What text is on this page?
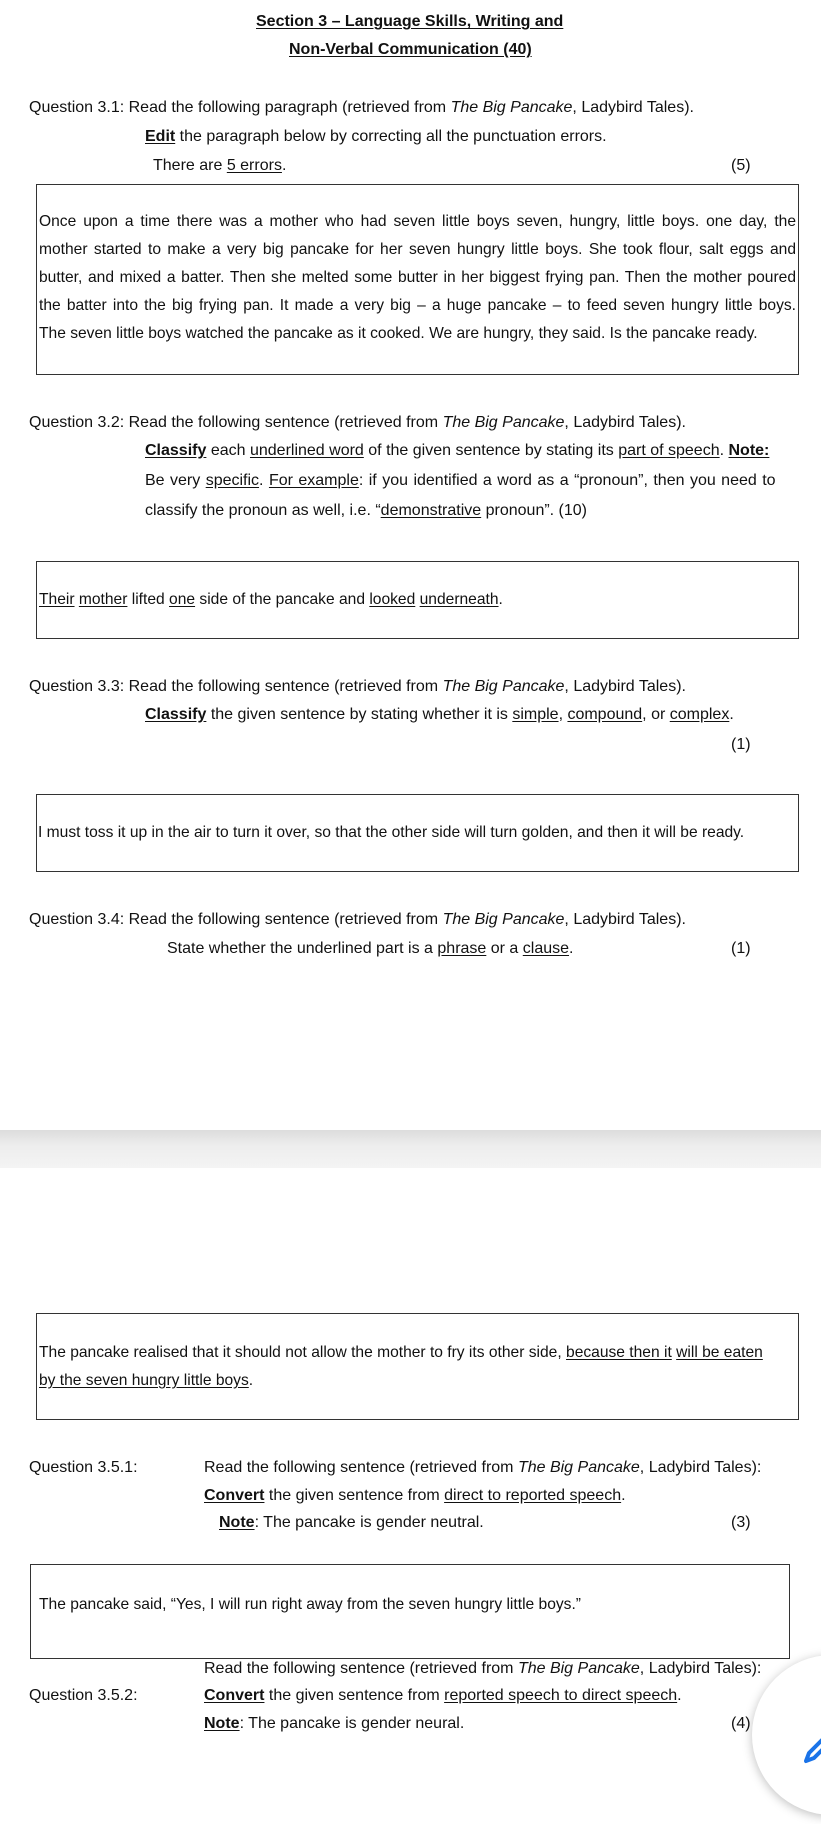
Section 3 – Language Skills, Writing and
Non-Verbal Communication (40)
Question 3.1: Read the following paragraph (retrieved from The Big Pancake, Ladybird Tales).
Edit the paragraph below by correcting all the punctuation errors.
There are 5 errors.	(5)
Once upon a time there was a mother who had seven little boys seven, hungry, little boys. one day, the
mother started to make a very big pancake for her seven hungry little boys. She took flour, salt eggs and
butter, and mixed a batter. Then she melted some butter in her biggest frying pan. Then the mother poured
the batter into the big frying pan. It made a very big – a huge pancake – to feed seven hungry little boys.
The seven little boys watched the pancake as it cooked. We are hungry, they said. Is the pancake ready.
Question 3.2: Read the following sentence (retrieved from The Big Pancake, Ladybird Tales).
Classify each underlined word of the given sentence by stating its part of speech. Note:
Be very specific. For example: if you identified a word as a “pronoun”, then you need to
classify the pronoun as well, i.e. “demonstrative pronoun”. (10)
Their mother lifted one side of the pancake and looked underneath.
Question 3.3: Read the following sentence (retrieved from The Big Pancake, Ladybird Tales).
Classify the given sentence by stating whether it is simple, compound, or complex.
(1)
I must toss it up in the air to turn it over, so that the other side will turn golden, and then it will be ready.
Question 3.4: Read the following sentence (retrieved from The Big Pancake, Ladybird Tales).
State whether the underlined part is a phrase or a clause.	(1)
The pancake realised that it should not allow the mother to fry its other side, because then it will be eaten
by the seven hungry little boys.
Question 3.5.1:	Read the following sentence (retrieved from The Big Pancake, Ladybird Tales):
Convert the given sentence from direct to reported speech.
Note: The pancake is gender neutral.	(3)
The pancake said, “Yes, I will run right away from the seven hungry little boys.”
Read the following sentence (retrieved from The Big Pancake, Ladybird Tales):
Question 3.5.2:	Convert the given sentence from reported speech to direct speech.
Note: The pancake is gender neural.	(4)
